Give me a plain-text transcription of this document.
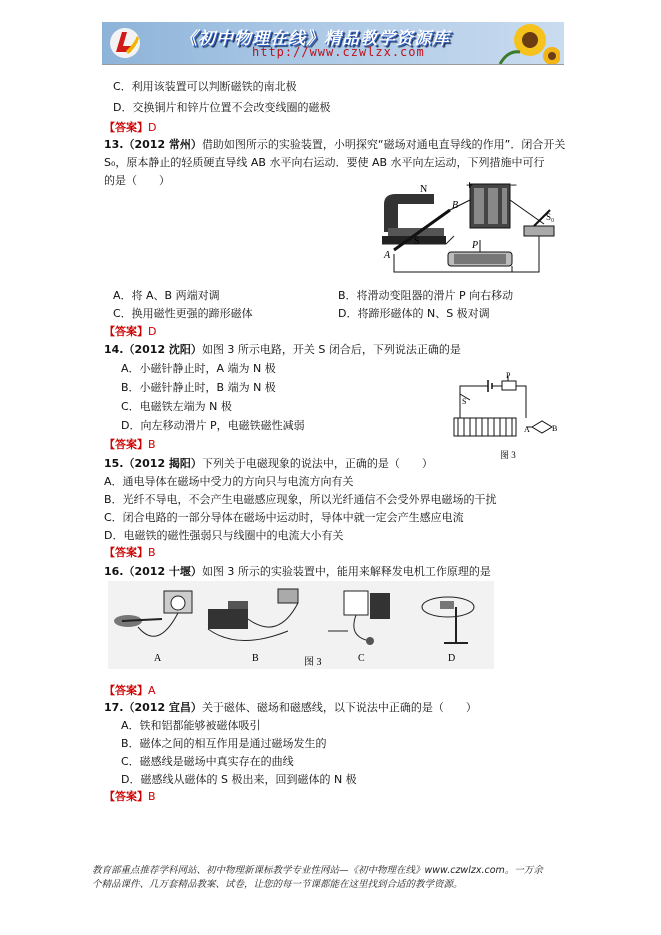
《初中物理在线》精品教学资源库
http://www.czwlzx.com
C．利用该装置可以判断磁铁的南北极
D．交换铜片和锌片位置不会改变线圈的磁极
【答案】D
13.（2012 常州）借助如图所示的实验装置，小明探究“磁场对通电直导线的作用”．闭合开关
S₀，原本静止的轻质硬直导线 AB 水平向右运动．要使 AB 水平向左运动，下列措施中可行
的是（　　）
N
S
A
B
P
S₀
+	−
A．将 A、B 两端对调	B．将滑动变阻器的滑片 P 向右移动
C．换用磁性更强的蹄形磁体	D．将蹄形磁体的 N、S 极对调
【答案】D
14.（2012 沈阳）如图 3 所示电路，开关 S 闭合后，下列说法正确的是
A．小磁针静止时，A 端为 N 极
B．小磁针静止时，B 端为 N 极
C．电磁铁左端为 N 极
D．向左移动滑片 P，电磁铁磁性减弱
P
S
A	B
图 3
【答案】B
15.（2012 揭阳）下列关于电磁现象的说法中，正确的是（　　）
A．通电导体在磁场中受力的方向只与电流方向有关
B．光纤不导电，不会产生电磁感应现象，所以光纤通信不会受外界电磁场的干扰
C．闭合电路的一部分导体在磁场中运动时，导体中就一定会产生感应电流
D．电磁铁的磁性强弱只与线圈中的电流大小有关
【答案】B
16.（2012 十堰）如图 3 所示的实验装置中，能用来解释发电机工作原理的是
A	B	C	D
图 3
【答案】A
17.（2012 宜昌）关于磁体、磁场和磁感线，以下说法中正确的是（　　）
A．铁和铝都能够被磁体吸引
B．磁体之间的相互作用是通过磁场发生的
C．磁感线是磁场中真实存在的曲线
D．磁感线从磁体的 S 极出来，回到磁体的 N 极
【答案】B
教育部重点推荐学科网站、初中物理新课标教学专业性网站—《初中物理在线》www.czwlzx.com。一万余
个精品课件、几万套精品教案、试卷，让您的每一节课都能在这里找到合适的教学资源。
